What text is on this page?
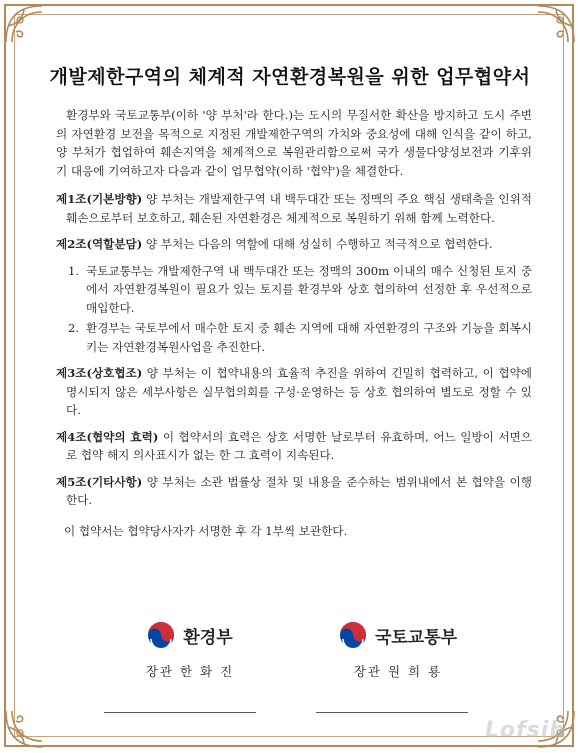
개발제한구역의 체계적 자연환경복원을 위한 업무협약서

환경부와 국토교통부(이하 '양 부처'라 한다.)는 도시의 무질서한 확산을 방지하고 도시 주변의 자연환경 보전을 목적으로 지정된 개발제한구역의 가치와 중요성에 대해 인식을 같이 하고, 양 부처가 협업하여 훼손지역을 체계적으로 복원관리함으로써 국가 생물다양성보전과 기후위기 대응에 기여하고자 다음과 같이 업무협약(이하 '협약')을 체결한다.

제1조(기본방향) 양 부처는 개발제한구역 내 백두대간 또는 정맥의 주요 핵심 생태축을 인위적 훼손으로부터 보호하고, 훼손된 자연환경은 체계적으로 복원하기 위해 함께 노력한다.

제2조(역할분담) 양 부처는 다음의 역할에 대해 성실히 수행하고 적극적으로 협력한다.

1. 국토교통부는 개발제한구역 내 백두대간 또는 정맥의 300m 이내의 매수 신청된 토지 중에서 자연환경복원이 필요가 있는 토지를 환경부와 상호 협의하여 선정한 후 우선적으로 매입한다.
2. 환경부는 국토부에서 매수한 토지 중 훼손 지역에 대해 자연환경의 구조와 기능을 회복시키는 자연환경복원사업을 추진한다.

제3조(상호협조) 양 부처는 이 협약내용의 효율적 추진을 위하여 긴밀히 협력하고, 이 협약에 명시되지 않은 세부사항은 실무협의회를 구성·운영하는 등 상호 협의하여 별도로 정할 수 있다.

제4조(협약의 효력) 이 협약서의 효력은 상호 서명한 날로부터 유효하며, 어느 일방이 서면으로 협약 해지 의사표시가 없는 한 그 효력이 지속된다.

제5조(기타사항) 양 부처는 소관 법률상 절차 및 내용을 준수하는 범위내에서 본 협약을 이행한다.

이 협약서는 협약당사자가 서명한 후 각 1부씩 보관한다.

환경부
장관 한 화 진
국토교통부
장관 원 희 룡
Lofsib
